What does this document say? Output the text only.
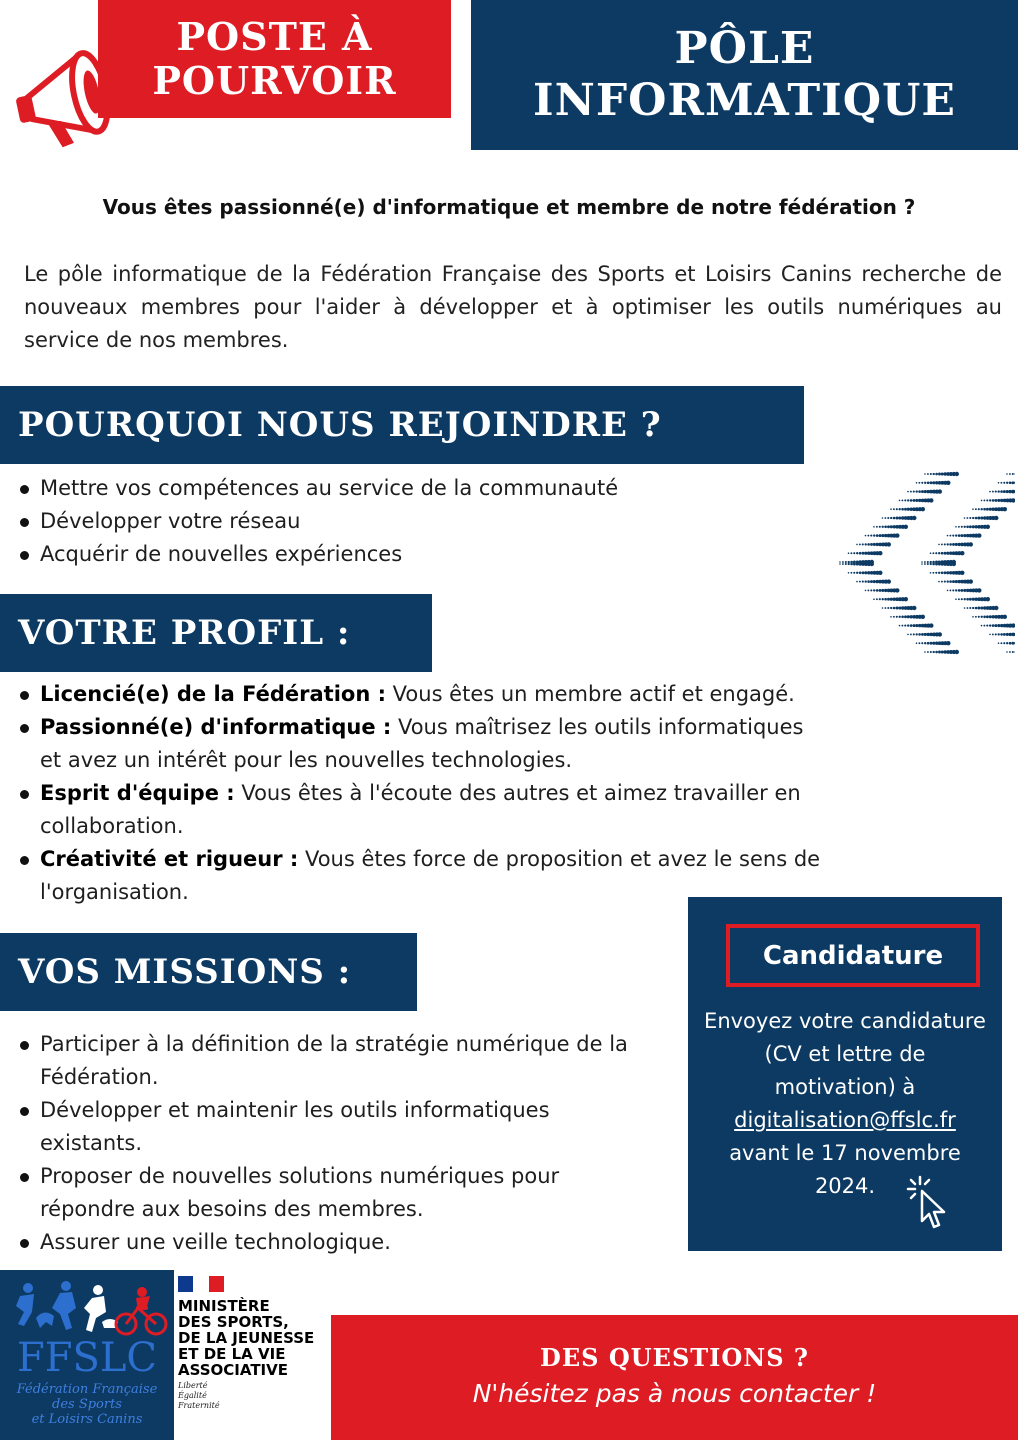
POSTE À
POURVOIR
PÔLE
INFORMATIQUE
Vous êtes passionné(e) d'informatique et membre de notre fédération ?

Le pôle informatique de la Fédération Française des Sports et Loisirs Canins recherche de nouveaux membres pour l'aider à développer et à optimiser les outils numériques au service de nos membres.

POURQUOI NOUS REJOINDRE ?
Mettre vos compétences au service de la communauté
Développer votre réseau
Acquérir de nouvelles expériences
VOTRE PROFIL :
Licencié(e) de la Fédération : Vous êtes un membre actif et engagé.
Passionné(e) d'informatique : Vous maîtrisez les outils informatiques et avez un intérêt pour les nouvelles technologies.
Esprit d'équipe : Vous êtes à l'écoute des autres et aimez travailler en collaboration.
Créativité et rigueur : Vous êtes force de proposition et avez le sens de l'organisation.
VOS MISSIONS :
Participer à la définition de la stratégie numérique de la Fédération.
Développer et maintenir les outils informatiques existants.
Proposer de nouvelles solutions numériques pour répondre aux besoins des membres.
Assurer une veille technologique.
Candidature
Envoyez votre candidature (CV et lettre de motivation) à
digitalisation@ffslc.fr
avant le 17 novembre 2024.
FFSLC
Fédération Française
des Sports
et Loisirs Canins
MINISTÈRE
DES SPORTS,
DE LA JEUNESSE
ET DE LA VIE
ASSOCIATIVE
Liberté
Égalité
Fraternité
DES QUESTIONS ?
N'hésitez pas à nous contacter !
